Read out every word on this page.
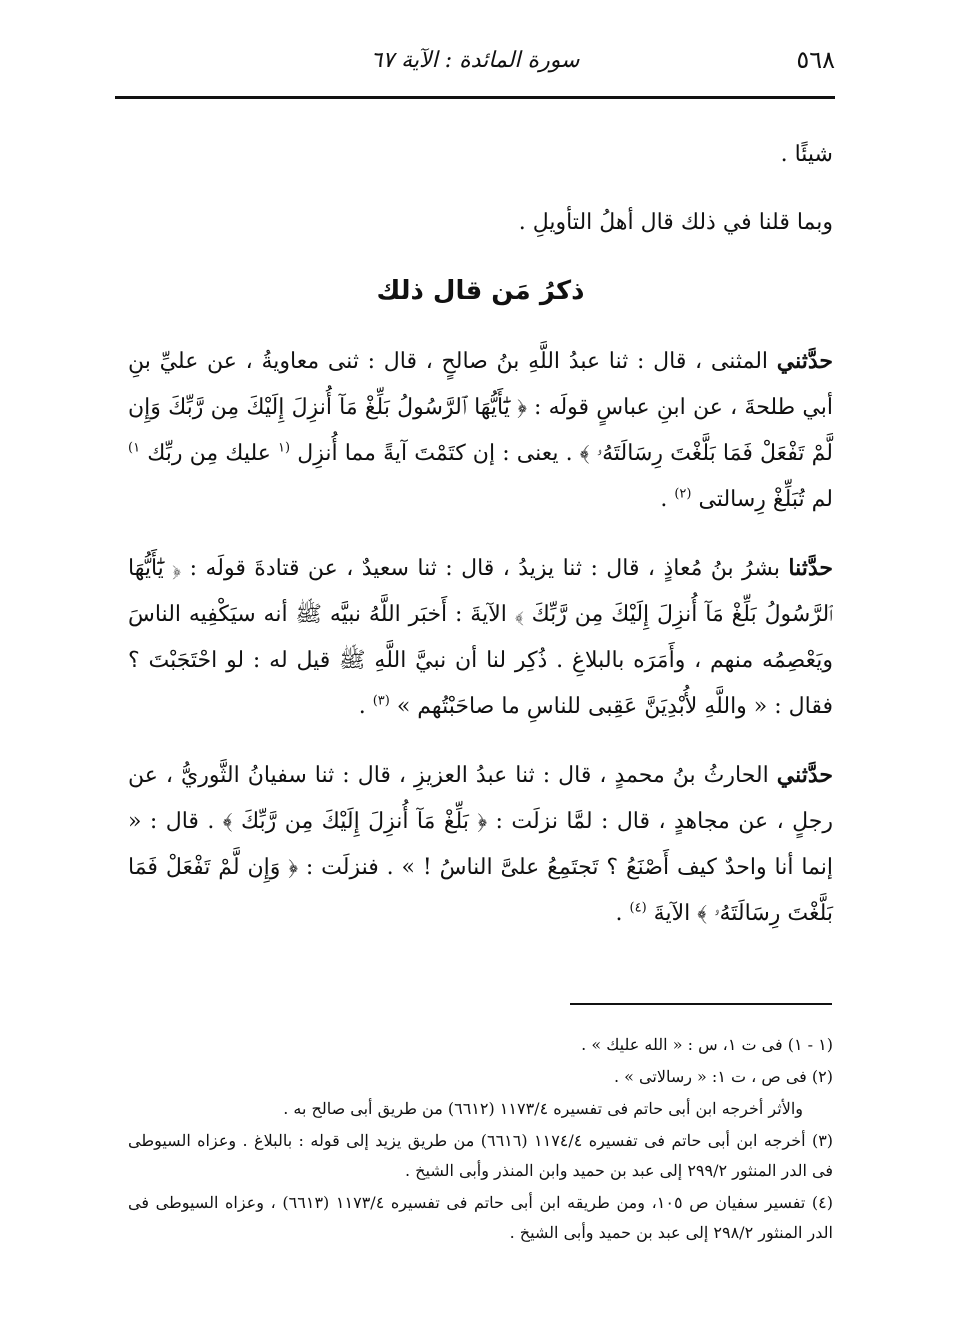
٥٦٨
سورة المائدة : الآية ٦٧

شيئًا .

وبما قلنا في ذلك قال أهلُ التأويلِ .

ذكرُ مَن قال ذلك

حدَّثني المثنى ، قال : ثنا عبدُ اللَّهِ بنُ صالحٍ ، قال : ثنى معاويةُ ، عن عليِّ بنِ أبي طلحةَ ، عن ابنِ عباسٍ قولَه : ﴿ يَٰٓأَيُّهَا ٱلرَّسُولُ بَلِّغْ مَآ أُنزِلَ إِلَيْكَ مِن رَّبِّكَ وَإِن لَّمْ تَفْعَلْ فَمَا بَلَّغْتَ رِسَالَتَهُۥ ﴾ . يعنى : إن كتَمْتَ آيةً مما أُنزِل $^{(١}$ عليك مِن ربِّك $^{١)}$ لم تُبَلِّغْ رِسالتى $^{(٢)}$ .

حدَّثنا بشرُ بنُ مُعاذٍ ، قال : ثنا يزيدُ ، قال : ثنا سعيدٌ ، عن قتادةَ قولَه : ﴿ يَٰٓأَيُّهَا ٱلرَّسُولُ بَلِّغْ مَآ أُنزِلَ إِلَيْكَ مِن رَّبِّكَ ﴾ الآيةَ : أَخبَر اللَّهُ نبيَّه ﷺ أنه سيَكْفِيه الناسَ ويَعْصِمُه منهم ، وأَمَرَه بالبلاغِ . ذُكِر لنا أن نبيَّ اللَّهِ ﷺ قيل له : لو احْتَجَبْتَ ؟ فقال : « واللَّهِ لأُبْدِيَنَّ عَقِبى للناسِ ما صاحَبْتُهم » $^{(٣)}$ .

حدَّثني الحارثُ بنُ محمدٍ ، قال : ثنا عبدُ العزيزِ ، قال : ثنا سفيانُ الثَّوريُّ ، عن رجلٍ ، عن مجاهدٍ ، قال : لمَّا نزلَت : ﴿ بَلِّغْ مَآ أُنزِلَ إِلَيْكَ مِن رَّبِّكَ ﴾ . قال : « إنما أنا واحدٌ كيف أَصْنَعُ ؟ تَجتَمِعُ علىَّ الناسُ ! » . فنزلَت : ﴿ وَإِن لَّمْ تَفْعَلْ فَمَا بَلَّغْتَ رِسَالَتَهُۥ ﴾ الآيةَ $^{(٤)}$ .

(١ - ١) فى ت ١، س : « الله عليك » .

(٢) فى ص ، ت ١: « رسالاتى » .

والأثر أخرجه ابن أبى حاتم فى تفسيره ١١٧٣/٤ (٦٦١٢) من طريق أبى صالح به .

(٣) أخرجه ابن أبى حاتم فى تفسيره ١١٧٤/٤ (٦٦١٦) من طريق يزيد إلى قوله : بالبلاغ . وعزاه السيوطى فى الدر المنثور ٢٩٩/٢ إلى عبد بن حميد وابن المنذر وأبى الشيخ .

(٤) تفسير سفيان ص ١٠٥، ومن طريقه ابن أبى حاتم فى تفسيره ١١٧٣/٤ (٦٦١٣) ، وعزاه السيوطى فى الدر المنثور ٢٩٨/٢ إلى عبد بن حميد وأبى الشيخ .
